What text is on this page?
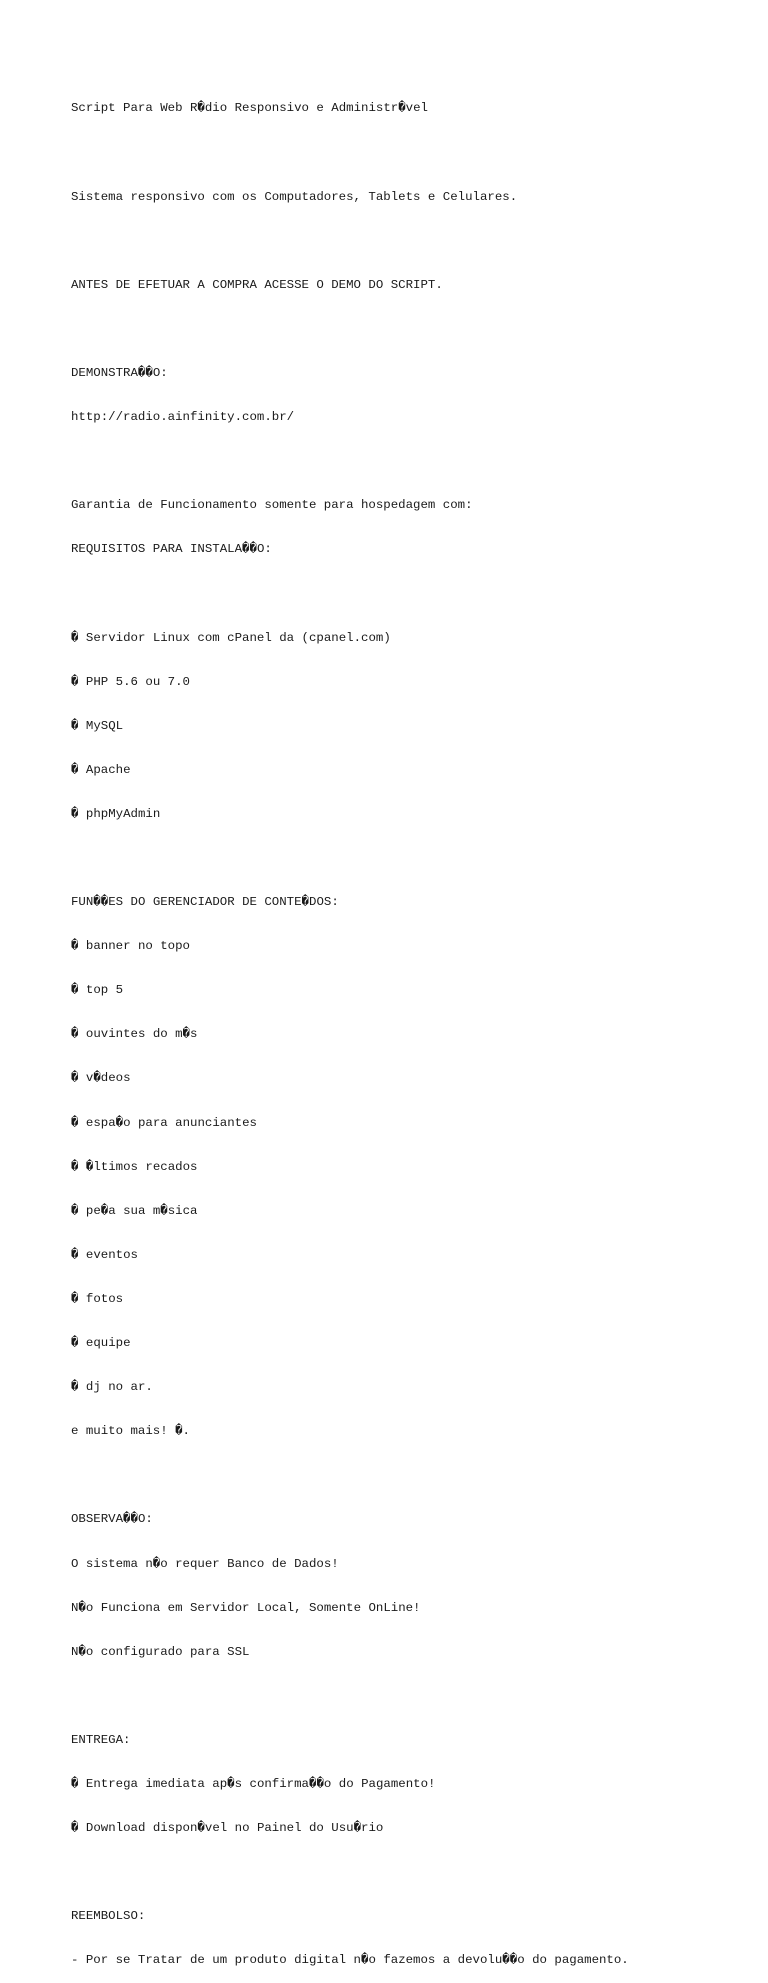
Script Para Web R�dio Responsivo e Administr�vel

Sistema responsivo com os Computadores, Tablets e Celulares.

ANTES DE EFETUAR A COMPRA ACESSE O DEMO DO SCRIPT.

DEMONSTRA��O:

http://radio.ainfinity.com.br/

Garantia de Funcionamento somente para hospedagem com:

REQUISITOS PARA INSTALA��O:

� Servidor Linux com cPanel da (cpanel.com)

� PHP 5.6 ou 7.0

� MySQL

� Apache

� phpMyAdmin

FUN��ES DO GERENCIADOR DE CONTE�DOS:

� banner no topo

� top 5

� ouvintes do m�s

� v�deos

� espa�o para anunciantes

� �ltimos recados

� pe�a sua m�sica

� eventos

� fotos

� equipe

� dj no ar.

e muito mais! �.

OBSERVA��O:

O sistema n�o requer Banco de Dados!

N�o Funciona em Servidor Local, Somente OnLine!

N�o configurado para SSL

ENTREGA:

� Entrega imediata ap�s confirma��o do Pagamento!

� Download dispon�vel no Painel do Usu�rio

REEMBOLSO:

- Por se Tratar de um produto digital n�o fazemos a devolu��o do pagamento.
